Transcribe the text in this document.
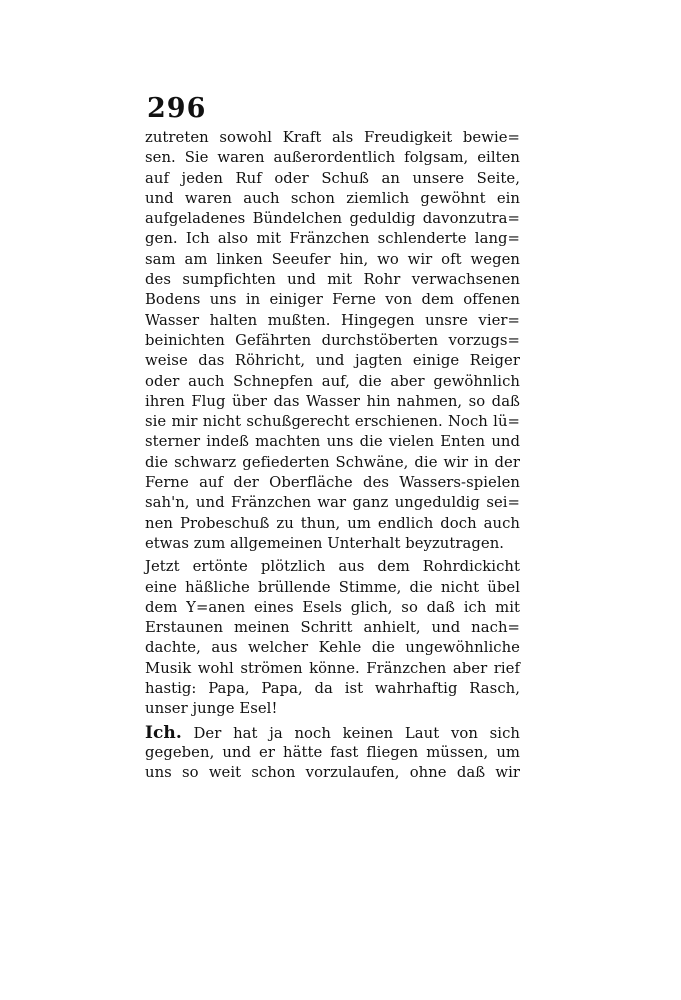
296
zutreten sowohl Kraft als Freudigkeit bewie=
sen. Sie waren außerordentlich folgsam, eilten
auf jeden Ruf oder Schuß an unsere Seite,
und waren auch schon ziemlich gewöhnt ein
aufgeladenes Bündelchen geduldig davonzutra=
gen. Ich also mit Fränzchen schlenderte lang=
sam am linken Seeufer hin, wo wir oft wegen
des sumpfichten und mit Rohr verwachsenen
Bodens uns in einiger Ferne von dem offenen
Wasser halten mußten. Hingegen unsre vier=
beinichten Gefährten durchstöberten vorzugs=
weise das Röhricht, und jagten einige Reiger
oder auch Schnepfen auf, die aber gewöhnlich
ihren Flug über das Wasser hin nahmen, so daß
sie mir nicht schußgerecht erschienen. Noch lü=
sterner indeß machten uns die vielen Enten und
die schwarz gefiederten Schwäne, die wir in der
Ferne auf der Oberfläche des Wassers-spielen
sah'n, und Fränzchen war ganz ungeduldig sei=
nen Probeschuß zu thun, um endlich doch auch
etwas zum allgemeinen Unterhalt beyzutragen.
Jetzt ertönte plötzlich aus dem Rohrdickicht
eine häßliche brüllende Stimme, die nicht übel
dem Y=anen eines Esels glich, so daß ich mit
Erstaunen meinen Schritt anhielt, und nach=
dachte, aus welcher Kehle die ungewöhnliche
Musik wohl strömen könne. Fränzchen aber rief
hastig: Papa, Papa, da ist wahrhaftig Rasch,
unser junge Esel!
Ich. Der hat ja noch keinen Laut von sich
gegeben, und er hätte fast fliegen müssen, um
uns so weit schon vorzulaufen, ohne daß wir
